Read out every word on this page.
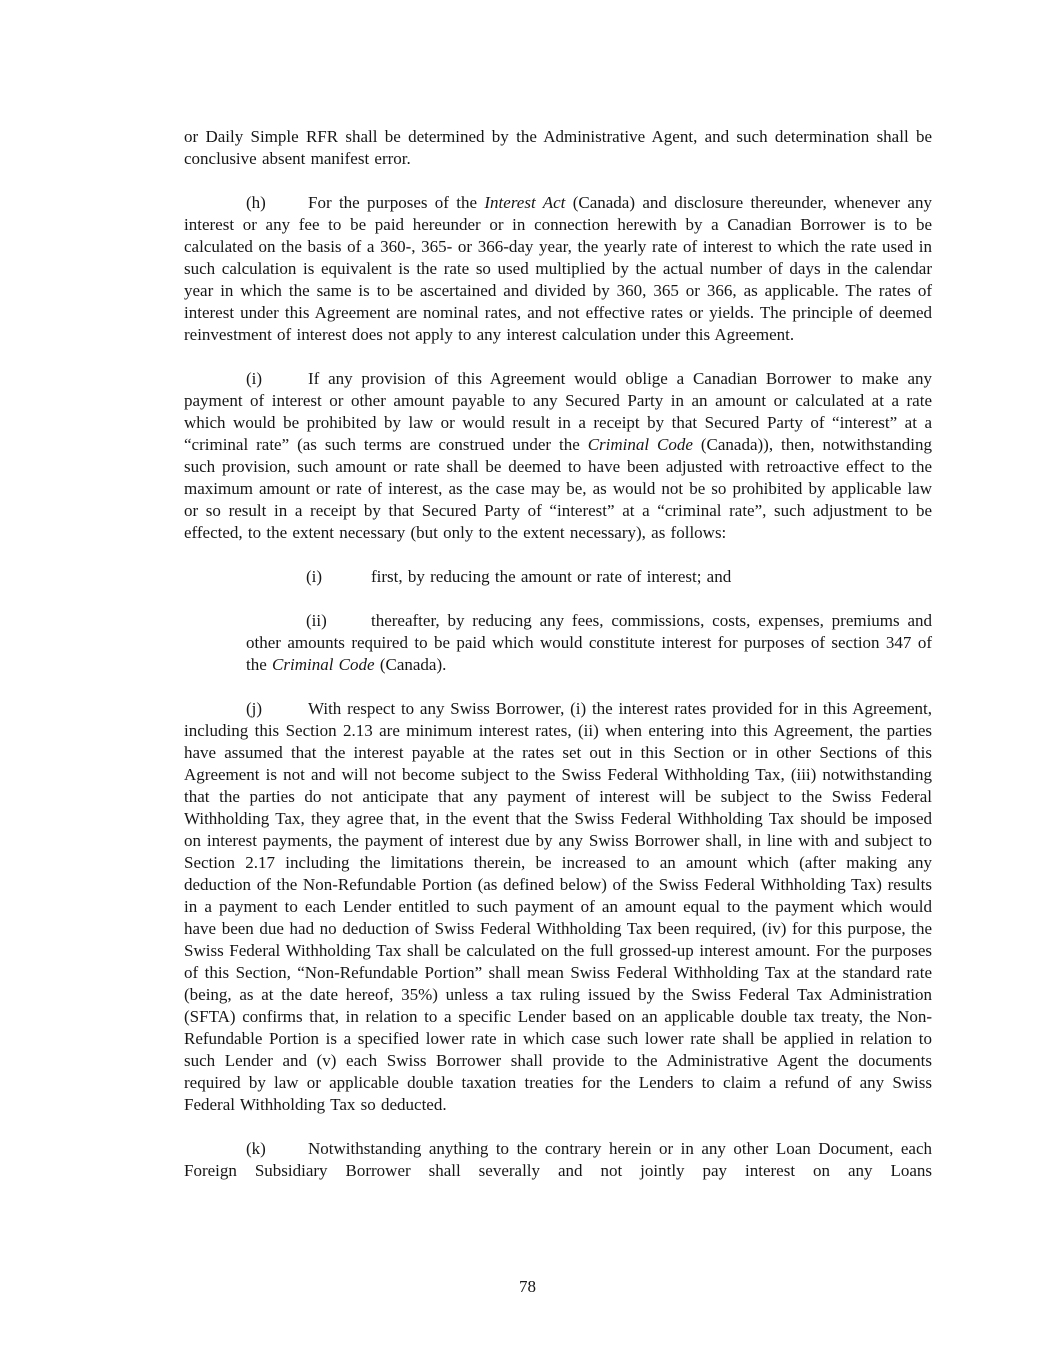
or Daily Simple RFR shall be determined by the Administrative Agent, and such determination shall be conclusive absent manifest error.

(h) For the purposes of the Interest Act (Canada) and disclosure thereunder, whenever any interest or any fee to be paid hereunder or in connection herewith by a Canadian Borrower is to be calculated on the basis of a 360-, 365- or 366-day year, the yearly rate of interest to which the rate used in such calculation is equivalent is the rate so used multiplied by the actual number of days in the calendar year in which the same is to be ascertained and divided by 360, 365 or 366, as applicable. The rates of interest under this Agreement are nominal rates, and not effective rates or yields. The principle of deemed reinvestment of interest does not apply to any interest calculation under this Agreement.

(i)	If any provision of this Agreement would oblige a Canadian Borrower to make any payment of interest or other amount payable to any Secured Party in an amount or calculated at a rate which would be prohibited by law or would result in a receipt by that Secured Party of “interest” at a “criminal rate” (as such terms are construed under the Criminal Code (Canada)), then, notwithstanding such provision, such amount or rate shall be deemed to have been adjusted with retroactive effect to the maximum amount or rate of interest, as the case may be, as would not be so prohibited by applicable law or so result in a receipt by that Secured Party of “interest” at a “criminal rate”, such adjustment to be effected, to the extent necessary (but only to the extent necessary), as follows:

(i)	first, by reducing the amount or rate of interest; and

(ii)	thereafter, by reducing any fees, commissions, costs, expenses, premiums and other amounts required to be paid which would constitute interest for purposes of section 347 of the Criminal Code (Canada).

(j)	With respect to any Swiss Borrower, (i) the interest rates provided for in this Agreement, including this Section 2.13 are minimum interest rates, (ii) when entering into this Agreement, the parties have assumed that the interest payable at the rates set out in this Section or in other Sections of this Agreement is not and will not become subject to the Swiss Federal Withholding Tax, (iii) notwithstanding that the parties do not anticipate that any payment of interest will be subject to the Swiss Federal Withholding Tax, they agree that, in the event that the Swiss Federal Withholding Tax should be imposed on interest payments, the payment of interest due by any Swiss Borrower shall, in line with and subject to Section 2.17 including the limitations therein, be increased to an amount which (after making any deduction of the Non-Refundable Portion (as defined below) of the Swiss Federal Withholding Tax) results in a payment to each Lender entitled to such payment of an amount equal to the payment which would have been due had no deduction of Swiss Federal Withholding Tax been required, (iv) for this purpose, the Swiss Federal Withholding Tax shall be calculated on the full grossed-up interest amount. For the purposes of this Section, “Non-Refundable Portion” shall mean Swiss Federal Withholding Tax at the standard rate (being, as at the date hereof, 35%) unless a tax ruling issued by the Swiss Federal Tax Administration (SFTA) confirms that, in relation to a specific Lender based on an applicable double tax treaty, the Non-Refundable Portion is a specified lower rate in which case such lower rate shall be applied in relation to such Lender and (v) each Swiss Borrower shall provide to the Administrative Agent the documents required by law or applicable double taxation treaties for the Lenders to claim a refund of any Swiss Federal Withholding Tax so deducted.

(k) Notwithstanding anything to the contrary herein or in any other Loan Document, each Foreign Subsidiary Borrower shall severally and not jointly pay interest on any Loans

78
